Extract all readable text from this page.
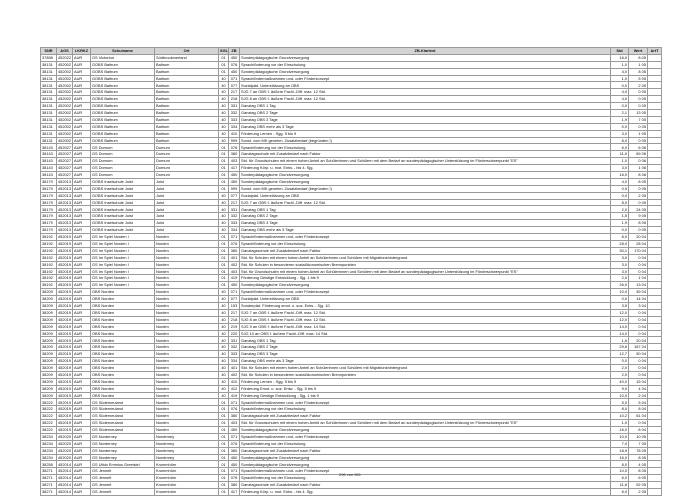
SNR	AGS	LKRKZ	Schulname	Ort	SGL	ZB	ZB-Klartext	Std	Wert	ArtT
37898	452022	AUR	GS Victorbur	Südbrookmerland	01	450	Sonderpädagogische Grundversorgung	16,0	8.05	
38131	452002	AUR	GOBS Baltrum	Baltrum	01	076	Sprachförderung vor der Einschulung	1,0	1 05	
38131	452002	AUR	GOBS Baltrum	Baltrum	01	450	Sonderpädagogische Grundversorgung	4,0	8 05	
38131	452002	AUR	GOBS Baltrum	Baltrum	40	071	Sprachfördermaßnahmen und- oder Förderkonzept	1,0	5 05	
38131	452002	AUR	GOBS Baltrum	Baltrum	40	077	Sozialpäd. Unterstützung an OBS	0,0	2 05	
38131	452002	AUR	GOBS Baltrum	Baltrum	40	217	SJG 7 an OBS f. äußere Fachl.-Diff. max. 12 Std.	4,0	0 05	
38131	452002	AUR	GOBS Baltrum	Baltrum	40	218	SJG 8 an OBS f. äußere Fachl.-Diff. max. 12 Std.	4,0	0 05	
38131	452002	AUR	GOBS Baltrum	Baltrum	40	331	Ganztag OBS 1 Tag	0,0	0 05	
38131	452002	AUR	GOBS Baltrum	Baltrum	40	332	Ganztag OBS 2 Tage	2,1	13 05	
38131	452002	AUR	GOBS Baltrum	Baltrum	40	333	Ganztag OBS 3 Tage	1,9	7 05	
38131	452002	AUR	GOBS Baltrum	Baltrum	40	334	Ganztag OBS mehr als 3 Tage	0,0	0 05	
38131	452002	AUR	GOBS Baltrum	Baltrum	40	410	Förderung Lernen - Sgg. 5 bis 9	3,0	1 05	
38131	452002	AUR	GOBS Baltrum	Baltrum	40	999	Sonst. vom MK genehm. Zusatzbedarf (begründen !)	8,0	0 05	
38143	452027	AUR	GS Dornum	Dornum	01	076	Sprachförderung vor der Einschulung	6,0	6 06	
38143	452027	AUR	GS Dornum	Dornum	01	380	Ganztagsschule mit Zusatzbedarf nach Faktor	11,0	69 06	
38143	452027	AUR	GS Dornum	Dornum	01	403	Std. für Grundschulen mit einem hohen Anteil an Schülerinnen und Schülern mit dem Bedarf an sonderpädagogischer Unterstützung im Förderschwerpunkt "ES"	1,0	0 06	
38143	452027	AUR	GS Dornum	Dornum	01	417	Förderung Körp. u. mot. Entw. - bis 4. Sjg.	3,0	1 06	
38143	452027	AUR	GS Dornum	Dornum	01	450	Sonderpädagogische Grundversorgung	16,0	8 06	
38179	452013	AUR	GOBS Inselschule Juist	Juist	01	450	Sonderpädagogische Grundversorgung	4,0	8 05	
38179	452013	AUR	GOBS Inselschule Juist	Juist	01	999	Sonst. vom MK genehm. Zusatzbedarf (begründen !)	0,5	0 05	
38179	452013	AUR	GOBS Inselschule Juist	Juist	40	077	Sozialpäd. Unterstützung an OBS	0,0	2 05	
38179	452013	AUR	GOBS Inselschule Juist	Juist	40	217	SJG 7 an OBS f. äußere Fachl.-Diff. max. 12 Std.	8,0	0 05	
38179	452013	AUR	GOBS Inselschule Juist	Juist	40	331	Ganztag OBS 1 Tag	2,0	24 05	
38179	452013	AUR	GOBS Inselschule Juist	Juist	40	332	Ganztag OBS 2 Tage	1,5	9 05	
38179	452013	AUR	GOBS Inselschule Juist	Juist	40	333	Ganztag OBS 3 Tage	1,9	8 05	
38179	452013	AUR	GOBS Inselschule Juist	Juist	40	334	Ganztag OBS mehr als 3 Tage	0,0	0 05	
38192	452019	AUR	GS Im Spiel Norden I	Norden	01	071	Sprachfördermaßnahmen und- oder Förderkonzept	8,0	20 04	
38192	452019	AUR	GS Im Spiel Norden I	Norden	01	076	Sprachförderung vor der Einschulung	28,0	28 04	
38192	452019	AUR	GS Im Spiel Norden I	Norden	01	380	Ganztagsschule mit Zusatzbedarf nach Faktor	30,1	170 04	
38192	452019	AUR	GS Im Spiel Norden I	Norden	01	401	Std. für Schulen mit einem hohen Anteil an Schülerinnen und Schülern mit Migrationshintergrund	3,0	0 04	
38192	452019	AUR	GS Im Spiel Norden I	Norden	01	402	Std. für Schulen in besonderen sozialökonomischen Brennpunkten	3,0	0 04	
38192	452019	AUR	GS Im Spiel Norden I	Norden	01	403	Std. für Grundschulen mit einem hohen Anteil an Schülerinnen und Schülern mit dem Bedarf an sonderpädagogischer Unterstützung im Förderschwerpunkt "ES"	3,0	0 04	
38192	452019	AUR	GS Im Spiel Norden I	Norden	01	419	Förderung Geistige Entwicklung - Sjg. 1 bis 9	2,0	1 04	
38192	452019	AUR	GS Im Spiel Norden I	Norden	01	450	Sonderpädagogische Grundversorgung	26,0	13 04	
38209	452019	AUR	OBS Norden	Norden	40	071	Sprachfördermaßnahmen und- oder Förderkonzept	10,0	39 04	
38209	452019	AUR	OBS Norden	Norden	40	077	Sozialpäd. Unterstützung an OBS	0,0	14 04	
38209	452019	AUR	OBS Norden	Norden	40	153	Sonderpäd. Förderung emot. u. soz. Entw. - Sjg. 10	3,5	3 04	
38209	452019	AUR	OBS Norden	Norden	40	217	SJG 7 an OBS f. äußere Fachl.-Diff. max. 12 Std.	12,0	0 04	
38209	452019	AUR	OBS Norden	Norden	40	218	SJG 8 an OBS f. äußere Fachl.-Diff. max. 12 Std.	12,0	0 04	
38209	452019	AUR	OBS Norden	Norden	40	219	SJG 9 an OBS f. äußere Fachl.-Diff. max. 14 Std.	14,0	0 04	
38209	452019	AUR	OBS Norden	Norden	40	220	SJG 10 an OBS f. äußere Fachl.-Diff. max. 14 Std.	14,0	0 04	
38209	452019	AUR	OBS Norden	Norden	40	331	Ganztag OBS 1 Tag	1,6	20 04	
38209	452019	AUR	OBS Norden	Norden	40	332	Ganztag OBS 2 Tage	29,6	167 04	
38209	452019	AUR	OBS Norden	Norden	40	333	Ganztag OBS 3 Tage	12,7	50 04	
38209	452019	AUR	OBS Norden	Norden	40	334	Ganztag OBS mehr als 3 Tage	0,0	0 04	
38209	452019	AUR	OBS Norden	Norden	40	401	Std. für Schulen mit einem hohen Anteil an Schülerinnen und Schülern mit Migrationshintergrund	2,0	0 04	
38209	452019	AUR	OBS Norden	Norden	40	402	Std. für Schulen in besonderen sozialökonomischen Brennpunkten	2,0	0 04	
38209	452019	AUR	OBS Norden	Norden	40	410	Förderung Lernen - Sgg. 5 bis 9	40,0	15 04	
38209	452019	AUR	OBS Norden	Norden	40	412	Förderung Emot. u. soz. Entw. - Sjg. 5 bis 9	9,0	4 04	
38209	452019	AUR	OBS Norden	Norden	40	419	Förderung Geistige Entwicklung - Sjg. 1 bis 9	10,0	2 04	
38222	452019	AUR	GS Süderneuland	Norden	01	071	Sprachfördermaßnahmen und- oder Förderkonzept	5,0	5 04	
38222	452019	AUR	GS Süderneuland	Norden	01	076	Sprachförderung vor der Einschulung	8,0	8 04	
38222	452019	AUR	GS Süderneuland	Norden	01	380	Ganztagsschule mit Zusatzbedarf nach Faktor	10,2	61 04	
38222	452019	AUR	GS Süderneuland	Norden	01	403	Std. für Grundschulen mit einem hohen Anteil an Schülerinnen und Schülern mit dem Bedarf an sonderpädagogischer Unterstützung im Förderschwerpunkt "ES"	1,0	0 04	
38222	452019	AUR	GS Süderneuland	Norden	01	450	Sonderpädagogische Grundversorgung	16,0	8 04	
38234	452020	AUR	GS Norderney	Norderney	01	071	Sprachfördermaßnahmen und- oder Förderkonzept	10,0	10 05	
38234	452020	AUR	GS Norderney	Norderney	01	076	Sprachförderung vor der Einschulung	7,0	7 05	
38234	452020	AUR	GS Norderney	Norderney	01	380	Ganztagsschule mit Zusatzbedarf nach Faktor	18,9	78 05	
38234	452020	AUR	GS Norderney	Norderney	01	450	Sonderpädagogische Grundversorgung	16,0	8 05	
38258	452014	AUR	GS Utbio Emmius Greetsiel	Krummhörn	01	450	Sonderpädagogische Grundversorgung	8,0	4 05	
38271	452014	AUR	GS Jennelt	Krummhörn	01	071	Sprachfördermaßnahmen und- oder Förderkonzept	10,0	8 05	
38271	452014	AUR	GS Jennelt	Krummhörn	01	076	Sprachförderung vor der Einschulung	6,0	6 05	
38271	452014	AUR	GS Jennelt	Krummhörn	01	380	Ganztagsschule mit Zusatzbedarf nach Faktor	11,8	92 05	
38271	452014	AUR	GS Jennelt	Krummhörn	01	417	Förderung Körp. u. mot. Entw. - bis 4. Sjg.	6,0	2 05	
296 von 651
